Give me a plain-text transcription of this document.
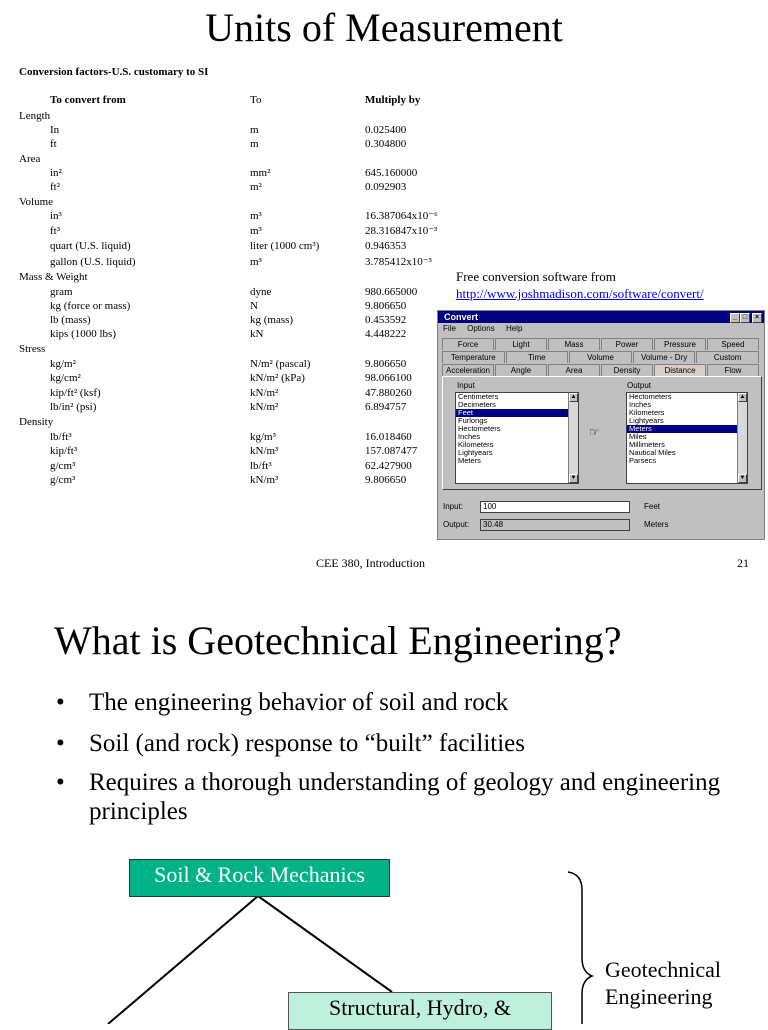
Units of Measurement
Conversion factors-U.S. customary to SI
To convert from	To	Multiply by
Length
In	m	0.025400
ft	m	0.304800
Area
in²	mm²	645.160000
ft²	m²	0.092903
Volume
in³	m³	16.387064x10⁻⁶
ft³	m³	28.316847x10⁻³
quart (U.S. liquid)	liter (1000 cm³)	0.946353
gallon (U.S. liquid)	m³	3.785412x10⁻³
Mass & Weight
gram	dyne	980.665000
kg (force or mass)	N	9.806650
lb (mass)	kg (mass)	0.453592
kips (1000 lbs)	kN	4.448222
Stress
kg/m²	N/m² (pascal)	9.806650
kg/cm²	kN/m² (kPa)	98.066100
kip/ft² (ksf)	kN/m²	47.880260
lb/in² (psi)	kN/m²	6.894757
Density
lb/ft³	kg/m³	16.018460
kip/ft³	kN/m³	157.087477
g/cm³	lb/ft³	62.427900
g/cm³	kN/m³	9.806650
Free conversion software from
http://www.joshmadison.com/software/convert/
Convert	_ □	×
File Options Help
Force	Light	Mass	Power	Pressure	Speed
Temperature	Time	Volume	Volume - Dry	Custom
Acceleration	Angle	Area	Density	Distance	Flow
Input	Output
Centimeters
Decimeters
Feet
Furlongs
Hectometers
Inches
Kilometers
Lightyears
Meters
▲
▼
☞
Hectometers
Inches
Kilometers
Lightyears
Meters
Miles
Millimeters
Nautical Miles
Parsecs
▲
▼
Input:	100	Feet
Output:	30.48	Meters
CEE 380, Introduction	21
What is Geotechnical Engineering?
• The engineering behavior of soil and rock
• Soil (and rock) response to “built” facilities
• Requires a thorough understanding of geology and engineering principles
Soil & Rock Mechanics
Structural, Hydro, &
Geotechnical Engineering
